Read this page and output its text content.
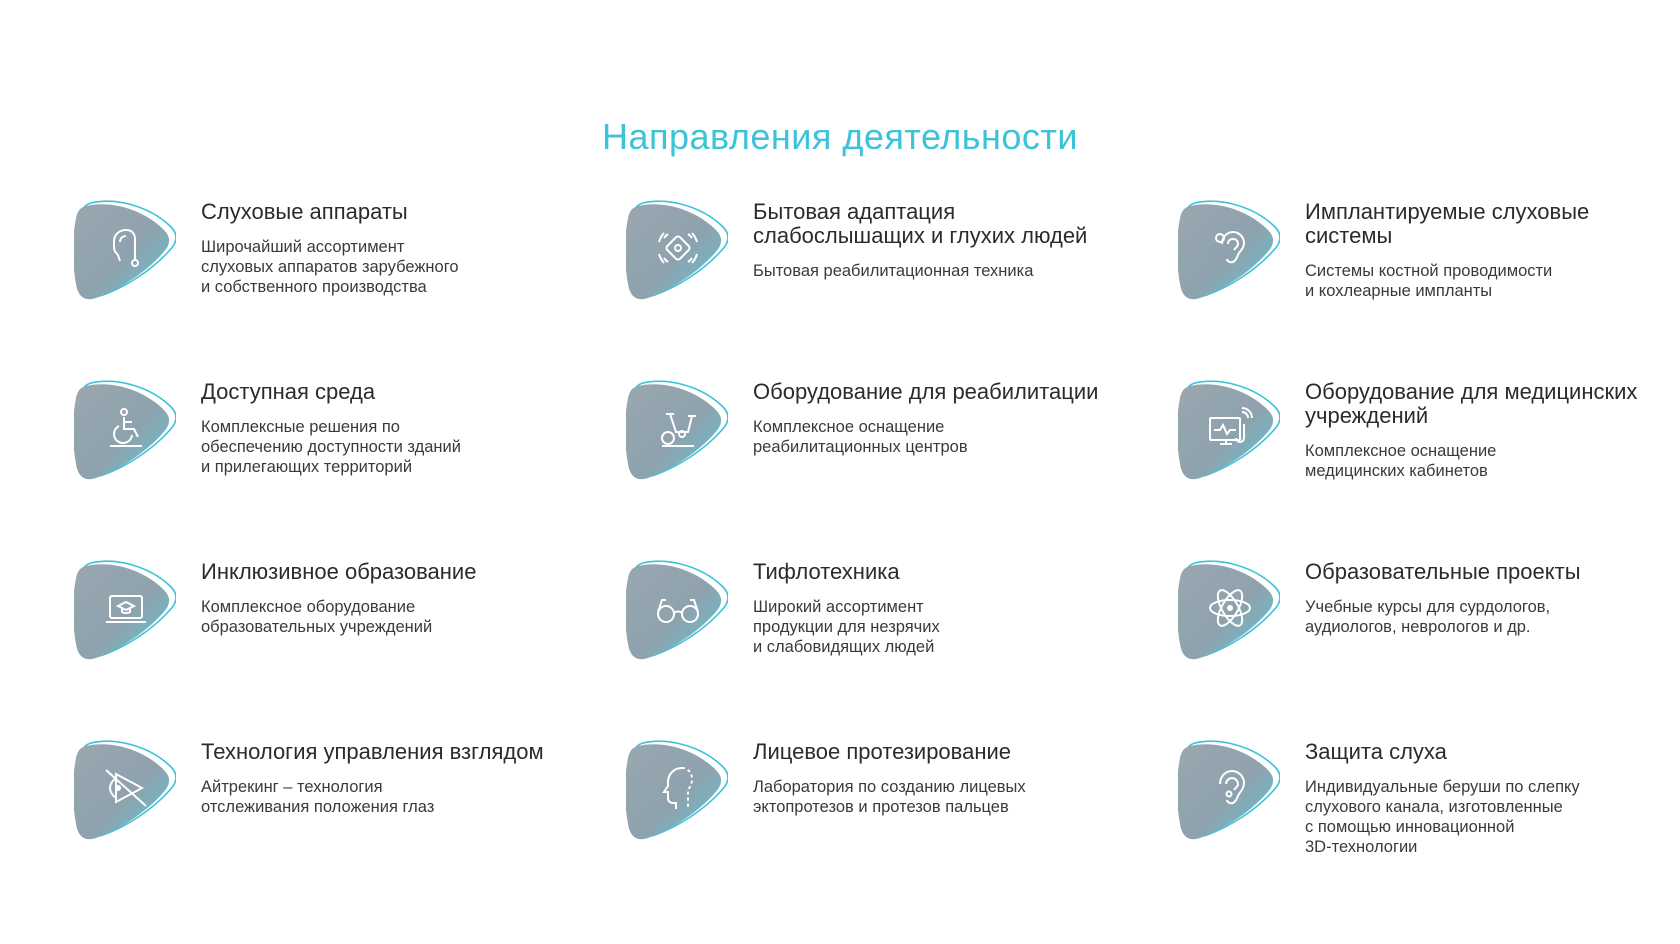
Направления деятельности

Слуховые аппараты

Широчайший ассортимент
слуховых аппаратов зарубежного
и собственного производства

Бытовая адаптация слабослышащих и глухих людей

Бытовая реабилитационная техника

Имплантируемые слуховые системы

Системы костной проводимости
и кохлеарные импланты

Доступная среда

Комплексные решения по
обеспечению доступности зданий
и прилегающих территорий

Оборудование для реабилитации

Комплексное оснащение
реабилитационных центров

Оборудование для медицинских учреждений

Комплексное оснащение
медицинских кабинетов

Инклюзивное образование

Комплексное оборудование
образовательных учреждений

Тифлотехника

Широкий ассортимент
продукции для незрячих
и слабовидящих людей

Образовательные проекты

Учебные курсы для сурдологов,
аудиологов, неврологов и др.

Технология управления взглядом

Айтрекинг – технология
отслеживания положения глаз

Лицевое протезирование

Лаборатория по созданию лицевых
эктопротезов и протезов пальцев

Защита слуха

Индивидуальные беруши по слепку
слухового канала, изготовленные
с помощью инновационной
3D-технологии
